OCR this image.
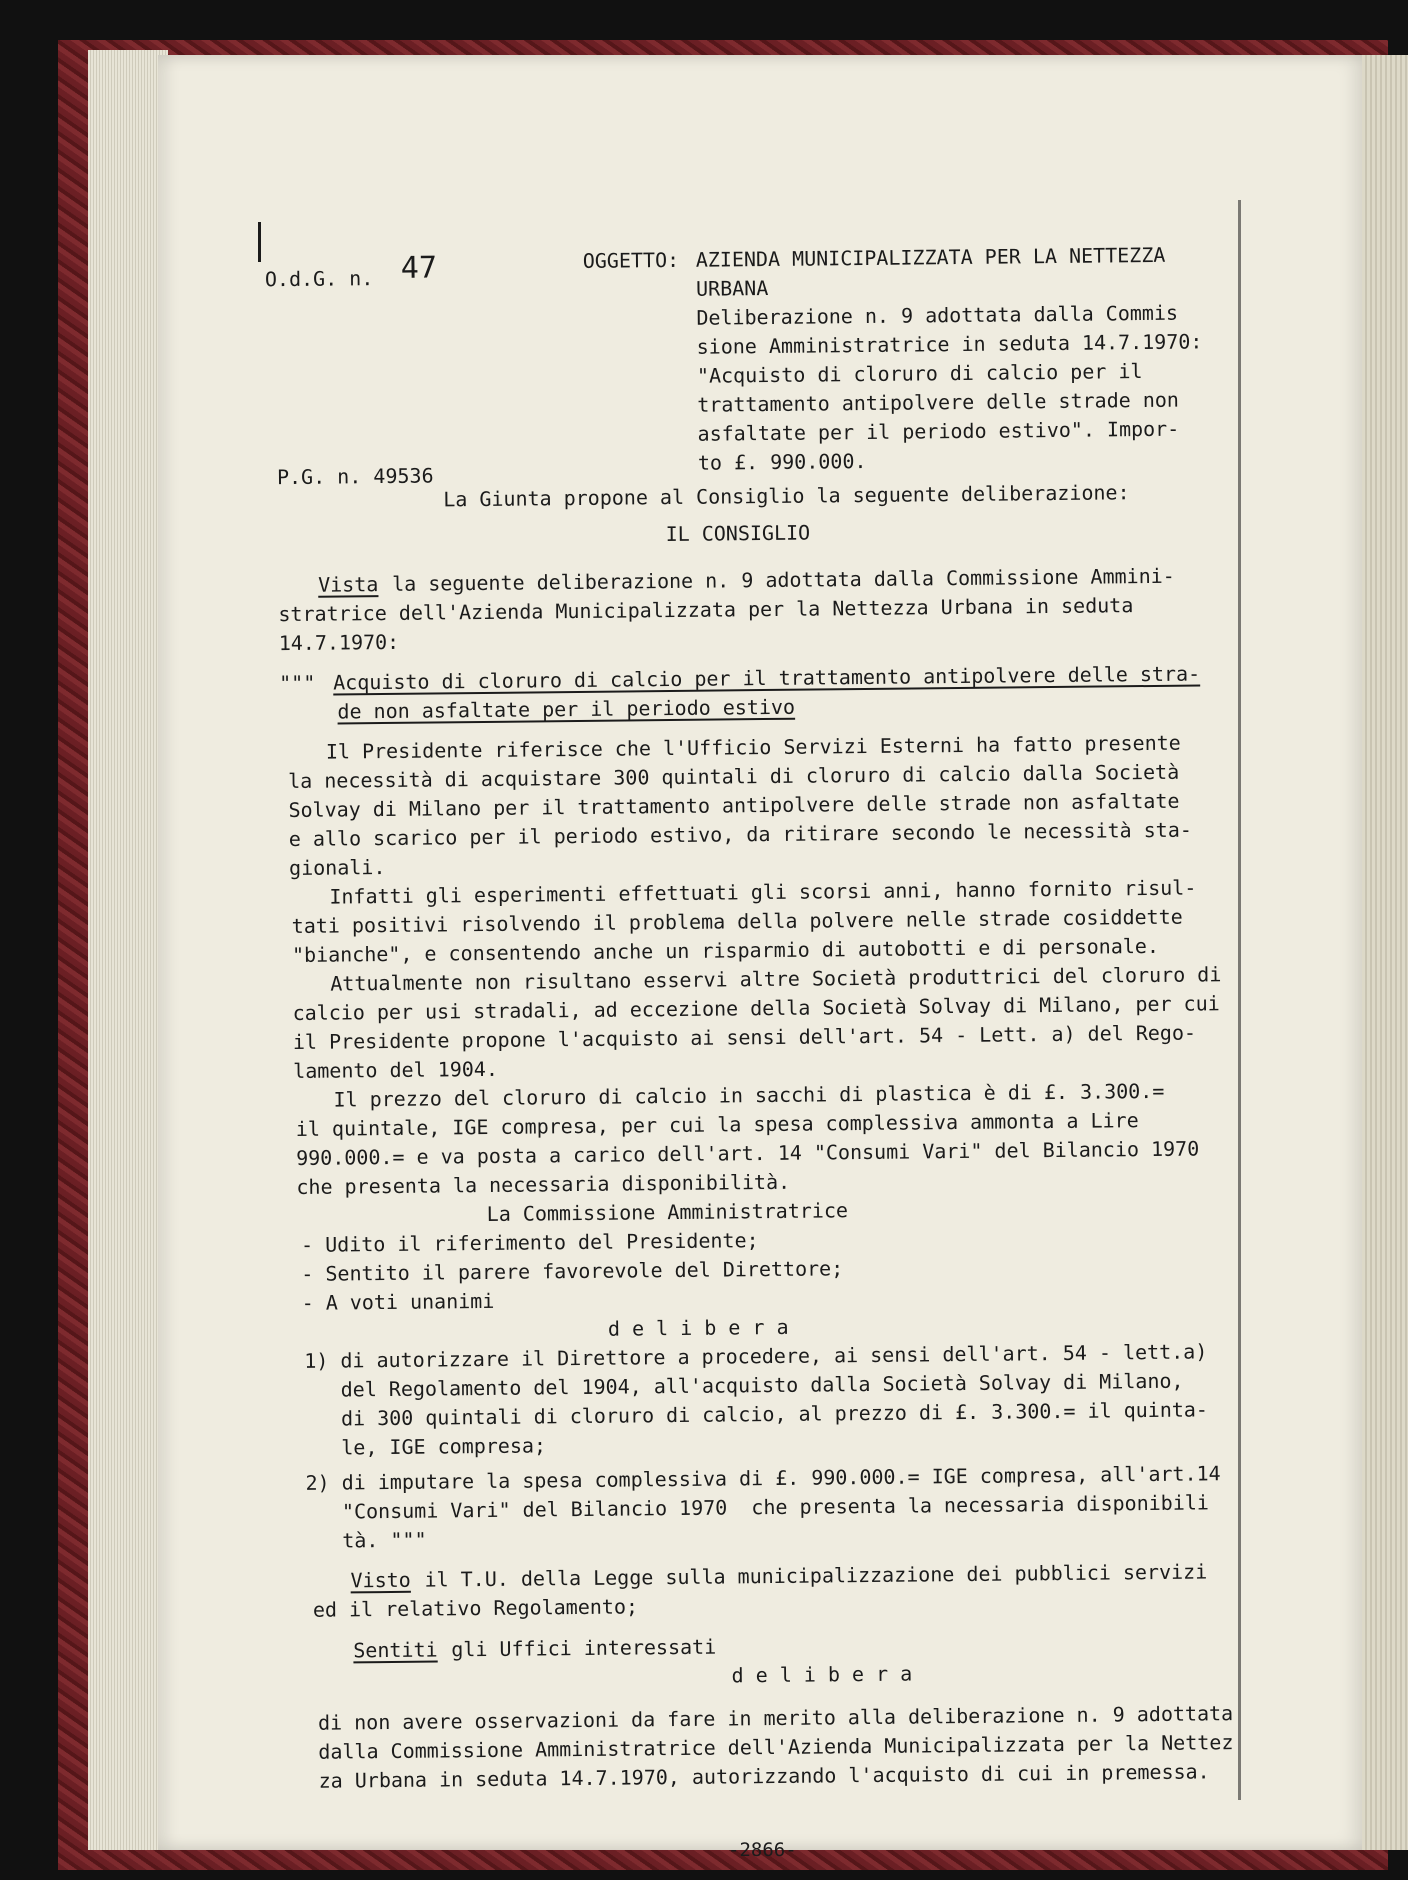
O.d.G. n. 47	OGGETTO: AZIENDA MUNICIPALIZZATA PER LA NETTEZZA
URBANA
Deliberazione n. 9 adottata dalla Commis
sione Amministratrice in seduta 14.7.1970:
"Acquisto di cloruro di calcio per il
trattamento antipolvere delle strade non
asfaltate per il periodo estivo". Impor-
to £. 990.000.
P.G. n. 49536
La Giunta propone al Consiglio la seguente deliberazione:
IL CONSIGLIO
Vista la seguente deliberazione n. 9 adottata dalla Commissione Ammini-
stratrice dell'Azienda Municipalizzata per la Nettezza Urbana in seduta
14.7.1970:
""" Acquisto di cloruro di calcio per il trattamento antipolvere delle stra-
de non asfaltate per il periodo estivo
Il Presidente riferisce che l'Ufficio Servizi Esterni ha fatto presente
la necessità di acquistare 300 quintali di cloruro di calcio dalla Società
Solvay di Milano per il trattamento antipolvere delle strade non asfaltate
e allo scarico per il periodo estivo, da ritirare secondo le necessità sta-
gionali.
Infatti gli esperimenti effettuati gli scorsi anni, hanno fornito risul-
tati positivi risolvendo il problema della polvere nelle strade cosiddette
"bianche", e consentendo anche un risparmio di autobotti e di personale.
Attualmente non risultano esservi altre Società produttrici del cloruro di
calcio per usi stradali, ad eccezione della Società Solvay di Milano, per cui
il Presidente propone l'acquisto ai sensi dell'art. 54 - Lett. a) del Rego-
lamento del 1904.
Il prezzo del cloruro di calcio in sacchi di plastica è di £. 3.300.=
il quintale, IGE compresa, per cui la spesa complessiva ammonta a Lire
990.000.= e va posta a carico dell'art. 14 "Consumi Vari" del Bilancio 1970
che presenta la necessaria disponibilità.
La Commissione Amministratrice
- Udito il riferimento del Presidente;
- Sentito il parere favorevole del Direttore;
- A voti unanimi
d e l i b e r a
1) di autorizzare il Direttore a procedere, ai sensi dell'art. 54 - lett.a)
del Regolamento del 1904, all'acquisto dalla Società Solvay di Milano,
di 300 quintali di cloruro di calcio, al prezzo di £. 3.300.= il quinta-
le, IGE compresa;
2) di imputare la spesa complessiva di £. 990.000.= IGE compresa, all'art.14
"Consumi Vari" del Bilancio 1970  che presenta la necessaria disponibili
tà. """
Visto il T.U. della Legge sulla municipalizzazione dei pubblici servizi
ed il relativo Regolamento;
Sentiti gli Uffici interessati
d e l i b e r a
di non avere osservazioni da fare in merito alla deliberazione n. 9 adottata
dalla Commissione Amministratrice dell'Azienda Municipalizzata per la Nettez
za Urbana in seduta 14.7.1970, autorizzando l'acquisto di cui in premessa.
-2866-
